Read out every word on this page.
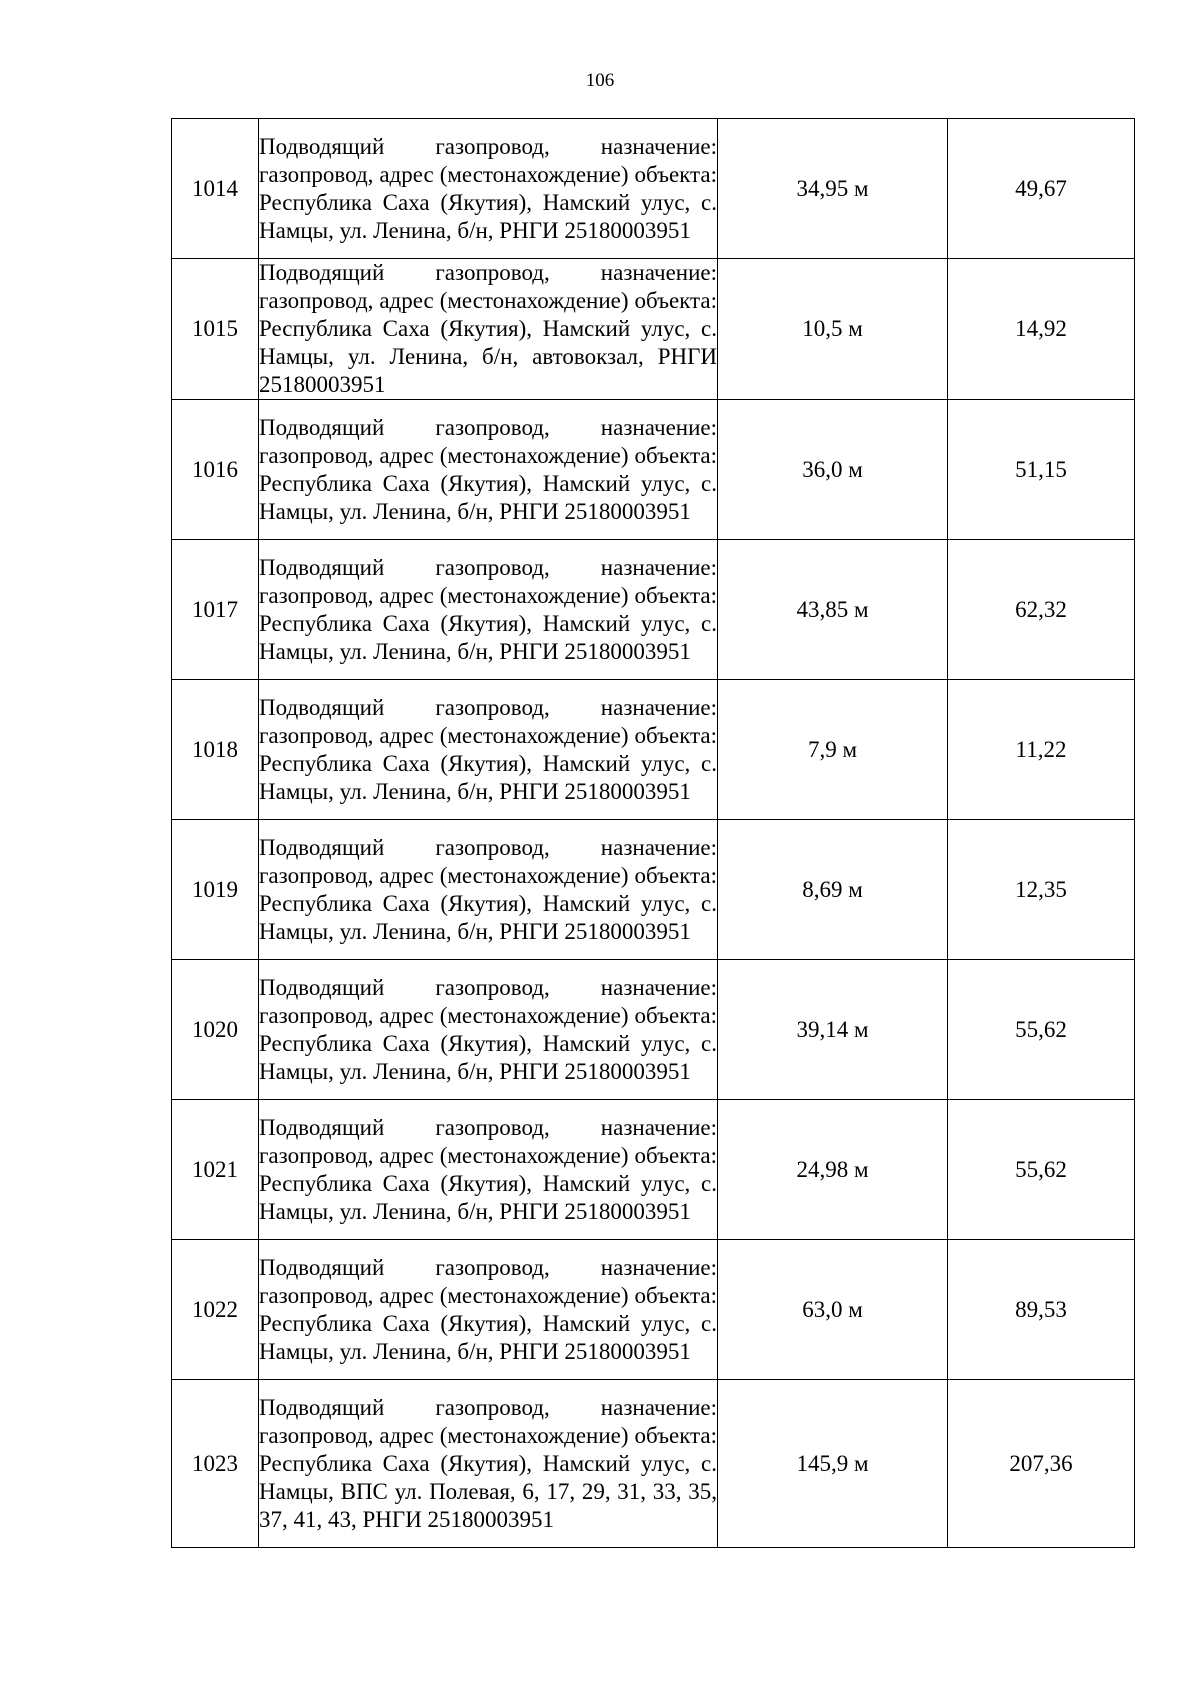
106
1014	Подводящий газопровод, назначение: газопровод, адрес (местонахождение) объекта: Республика Саха (Якутия), Намский улус, с. Намцы, ул. Ленина, б/н, РНГИ 25180003951	34,95 м	49,67
1015	Подводящий газопровод, назначение: газопровод, адрес (местонахождение) объекта: Республика Саха (Якутия), Намский улус, с. Намцы, ул. Ленина, б/н, автовокзал, РНГИ 25180003951	10,5 м	14,92
1016	Подводящий газопровод, назначение: газопровод, адрес (местонахождение) объекта: Республика Саха (Якутия), Намский улус, с. Намцы, ул. Ленина, б/н, РНГИ 25180003951	36,0 м	51,15
1017	Подводящий газопровод, назначение: газопровод, адрес (местонахождение) объекта: Республика Саха (Якутия), Намский улус, с. Намцы, ул. Ленина, б/н, РНГИ 25180003951	43,85 м	62,32
1018	Подводящий газопровод, назначение: газопровод, адрес (местонахождение) объекта: Республика Саха (Якутия), Намский улус, с. Намцы, ул. Ленина, б/н, РНГИ 25180003951	7,9 м	11,22
1019	Подводящий газопровод, назначение: газопровод, адрес (местонахождение) объекта: Республика Саха (Якутия), Намский улус, с. Намцы, ул. Ленина, б/н, РНГИ 25180003951	8,69 м	12,35
1020	Подводящий газопровод, назначение: газопровод, адрес (местонахождение) объекта: Республика Саха (Якутия), Намский улус, с. Намцы, ул. Ленина, б/н, РНГИ 25180003951	39,14 м	55,62
1021	Подводящий газопровод, назначение: газопровод, адрес (местонахождение) объекта: Республика Саха (Якутия), Намский улус, с. Намцы, ул. Ленина, б/н, РНГИ 25180003951	24,98 м	55,62
1022	Подводящий газопровод, назначение: газопровод, адрес (местонахождение) объекта: Республика Саха (Якутия), Намский улус, с. Намцы, ул. Ленина, б/н, РНГИ 25180003951	63,0 м	89,53
1023	Подводящий газопровод, назначение: газопровод, адрес (местонахождение) объекта: Республика Саха (Якутия), Намский улус, с. Намцы, ВПС ул. Полевая, 6, 17, 29, 31, 33, 35, 37, 41, 43, РНГИ 25180003951	145,9 м	207,36
